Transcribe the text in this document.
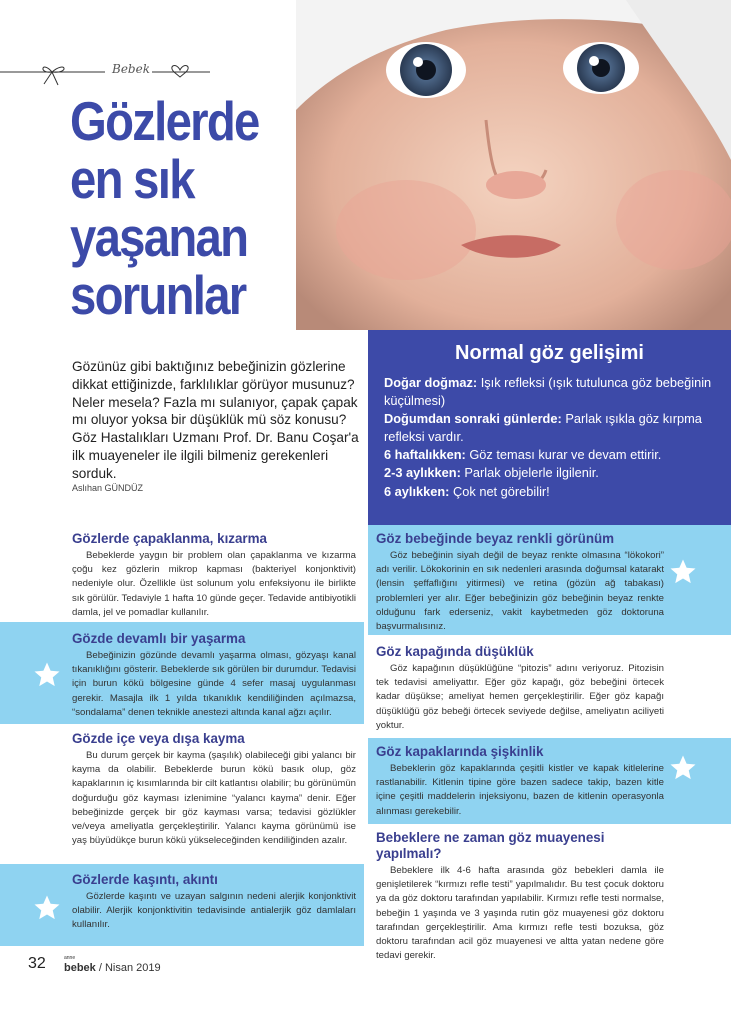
Bebek
Gözlerde
en sık
yaşanan
sorunlar
Gözünüz gibi baktığınız bebeğinizin gözlerine dikkat ettiğinizde, farklılıklar görüyor musunuz? Neler mesela? Fazla mı sulanıyor, çapak çapak mı oluyor yoksa bir düşüklük mü söz konusu? Göz Hastalıkları Uzmanı Prof. Dr. Banu Coşar'a ilk muayeneler ile ilgili bilmeniz gerekenleri sorduk.
Aslıhan GÜNDÜZ
Normal göz gelişimi
Doğar doğmaz: Işık refleksi (ışık tutulunca göz bebeğinin küçülmesi)
Doğumdan sonraki günlerde: Parlak ışıkla göz kırpma refleksi vardır.
6 haftalıkken: Göz teması kurar ve devam ettirir.
2-3 aylıkken: Parlak objelerle ilgilenir.
6 aylıkken: Çok net görebilir!
Gözlerde çapaklanma, kızarma

Bebeklerde yaygın bir problem olan çapaklanma ve kızarma çoğu kez gözlerin mikrop kapması (bakteriyel konjonktivit) nedeniyle olur. Özellikle üst solunum yolu enfeksiyonu ile birlikte sık görülür. Tedaviyle 1 hafta 10 günde geçer. Tedavide antibiyotikli damla, jel ve pomadlar kullanılır.

Gözde devamlı bir yaşarma

Bebeğinizin gözünde devamlı yaşarma olması, gözyaşı kanal tıkanıklığını gösterir. Bebeklerde sık görülen bir durumdur. Tedavisi için burun kökü bölgesine günde 4 sefer masaj uygulanması gerekir. Masajla ilk 1 yılda tıkanıklık kendiliğinden açılmazsa, “sondalama” denen teknikle anestezi altında kanal ağzı açılır.

Gözde içe veya dışa kayma

Bu durum gerçek bir kayma (şaşılık) olabileceği gibi yalancı bir kayma da olabilir. Bebeklerde burun kökü basık olup, göz kapaklarının iç kısımlarında bir cilt katlantısı olabilir; bu görünümün doğurduğu göz kayması izlenimine “yalancı kayma” denir. Eğer bebeğinizde gerçek bir göz kayması varsa; tedavisi gözlükler ve/veya ameliyatla gerçekleştirilir. Yalancı kayma görünümü ise yaş büyüdükçe burun kökü yükseleceğinden kendiliğinden azalır.

Gözlerde kaşıntı, akıntı

Gözlerde kaşıntı ve uzayan salgının nedeni alerjik konjonktivit olabilir. Alerjik konjonktivitin tedavisinde antialerjik göz damlaları kullanılır.

Göz bebeğinde beyaz renkli görünüm

Göz bebeğinin siyah değil de beyaz renkte olmasına “lökokori” adı verilir. Lökokorinin en sık nedenleri arasında doğumsal katarakt (lensin şeffaflığını yitirmesi) ve retina (gözün ağ tabakası) problemleri yer alır. Eğer bebeğinizin göz bebeğinin beyaz renkte olduğunu fark ederseniz, vakit kaybetmeden göz doktoruna başvurmalısınız.

Göz kapağında düşüklük

Göz kapağının düşüklüğüne “pitozis” adını veriyoruz. Pitozisin tek tedavisi ameliyattır. Eğer göz kapağı, göz bebeğini örtecek kadar düşükse; ameliyat hemen gerçekleştirilir. Eğer göz kapağı düşüklüğü göz bebeği örtecek seviyede değilse, ameliyatın aciliyeti yoktur.

Göz kapaklarında şişkinlik

Bebeklerin göz kapaklarında çeşitli kistler ve kapak kitlelerine rastlanabilir. Kitlenin tipine göre bazen sadece takip, bazen kitle içine çeşitli maddelerin injeksiyonu, bazen de kitlenin operasyonla alınması gerekebilir.

Bebeklere ne zaman göz muayenesi yapılmalı?

Bebeklere ilk 4-6 hafta arasında göz bebekleri damla ile genişletilerek “kırmızı refle testi” yapılmalıdır. Bu test çocuk doktoru ya da göz doktoru tarafından yapılabilir. Kırmızı refle testi normalse, bebeğin 1 yaşında ve 3 yaşında rutin göz muayenesi göz doktoru tarafından gerçekleştirilir. Ama kırmızı refle testi bozuksa, göz doktoru tarafından acil göz muayenesi ve altta yatan nedene göre tedavi gerekir.

32	anne
bebek / Nisan 2019
